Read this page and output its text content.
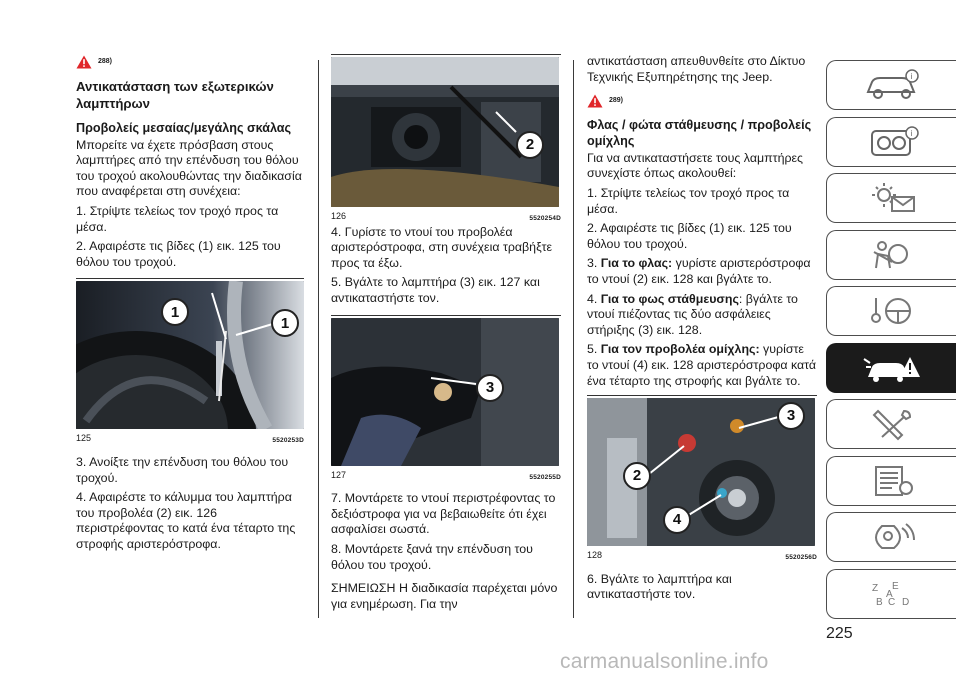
288)
Αντικατάσταση των εξωτερικών λαμπτήρων
Προβολείς μεσαίας/μεγάλης σκάλας

Μπορείτε να έχετε πρόσβαση στους λαμπτήρες από την επένδυση του θόλου του τροχού ακολουθώντας την διαδικασία που αναφέρεται στη συνέχεια:

1. Στρίψτε τελείως τον τροχό προς τα μέσα.

2. Αφαιρέστε τις βίδες (1) εικ. 125 του θόλου του τροχού.

1
1
125	5520253D

3. Ανοίξτε την επένδυση του θόλου του τροχού.

4. Αφαιρέστε το κάλυμμα του λαμπτήρα του προβολέα (2) εικ. 126 περιστρέφοντας το κατά ένα τέταρτο της στροφής αριστερόστροφα.

2
126	5520254D

4. Γυρίστε το ντουί του προβολέα αριστερόστροφα, στη συνέχεια τραβήξτε προς τα έξω.

5. Βγάλτε το λαμπτήρα (3) εικ. 127 και αντικαταστήστε τον.

3
127	5520255D

7. Μοντάρετε το ντουί περιστρέφοντας το δεξιόστροφα για να βεβαιωθείτε ότι έχει ασφαλίσει σωστά.

8. Μοντάρετε ξανά την επένδυση του θόλου του τροχού.

ΣΗΜΕΙΩΣΗ Η διαδικασία παρέχεται μόνο για ενημέρωση. Για την

αντικατάσταση απευθυνθείτε στο Δίκτυο Τεχνικής Εξυπηρέτησης της Jeep.

289)
Φλας / φώτα στάθμευσης / προβολείς ομίχλης

Για να αντικαταστήσετε τους λαμπτήρες συνεχίστε όπως ακολουθεί:

1. Στρίψτε τελείως τον τροχό προς τα μέσα.

2. Αφαιρέστε τις βίδες (1) εικ. 125 του θόλου του τροχού.

3. Για το φλας: γυρίστε αριστερόστροφα το ντουί (2) εικ. 128 και βγάλτε το.

4. Για το φως στάθμευσης: βγάλτε το ντουί πιέζοντας τις δύο ασφάλειες στήριξης (3) εικ. 128.

5. Για τον προβολέα ομίχλης: γυρίστε το ντουί (4) εικ. 128 αριστερόστροφα κατά ένα τέταρτο της στροφής και βγάλτε το.

3
2
4
128	5520256D

6. Βγάλτε το λαμπτήρα και αντικαταστήστε τον.

i
i
Z E
B C D
A
225
carmanualsonline.info
